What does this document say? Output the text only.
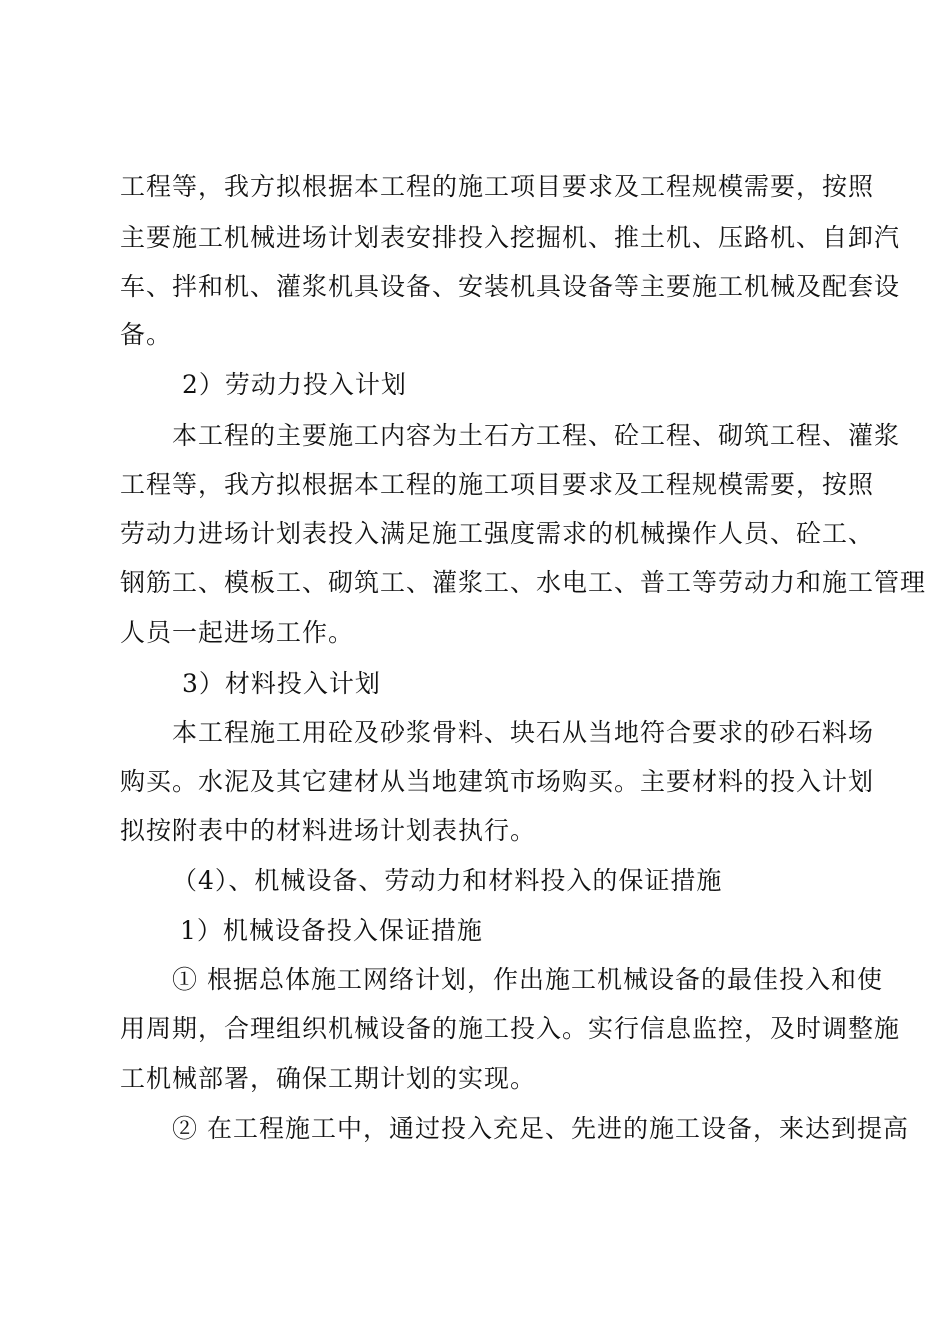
工程等，我方拟根据本工程的施工项目要求及工程规模需要，按照
主要施工机械进场计划表安排投入挖掘机、推土机、压路机、自卸汽
车、拌和机、灌浆机具设备、安装机具设备等主要施工机械及配套设
备。
2）劳动力投入计划
本工程的主要施工内容为土石方工程、砼工程、砌筑工程、灌浆
工程等，我方拟根据本工程的施工项目要求及工程规模需要，按照
劳动力进场计划表投入满足施工强度需求的机械操作人员、砼工、
钢筋工、模板工、砌筑工、灌浆工、水电工、普工等劳动力和施工管理
人员一起进场工作。
3）材料投入计划
本工程施工用砼及砂浆骨料、块石从当地符合要求的砂石料场
购买。水泥及其它建材从当地建筑市场购买。主要材料的投入计划
拟按附表中的材料进场计划表执行。
（4）、机械设备、劳动力和材料投入的保证措施
1）机械设备投入保证措施
① 根据总体施工网络计划，作出施工机械设备的最佳投入和使
用周期，合理组织机械设备的施工投入。实行信息监控，及时调整施
工机械部署，确保工期计划的实现。
② 在工程施工中，通过投入充足、先进的施工设备，来达到提高
